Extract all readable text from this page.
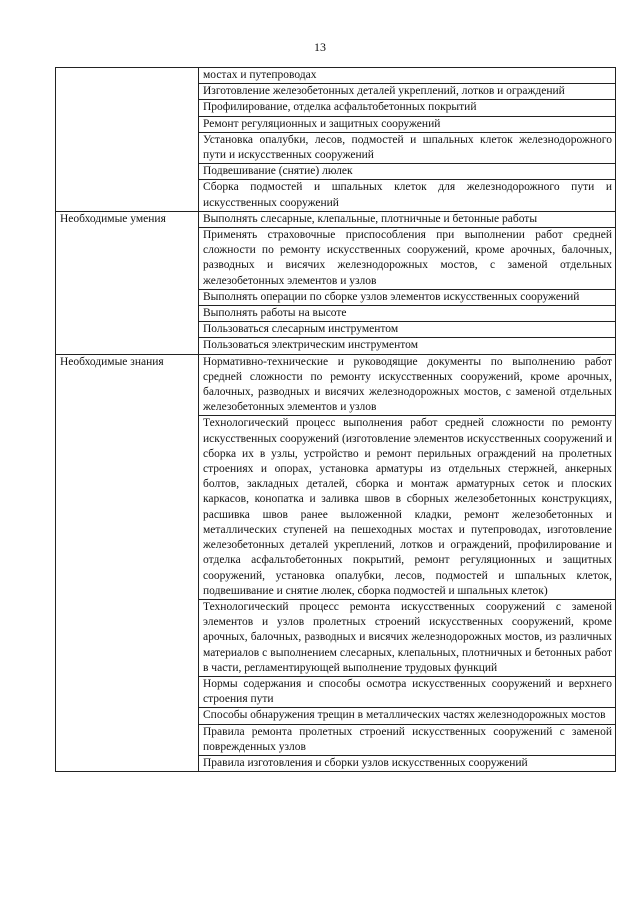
13
	мостах и путепроводах
	Изготовление железобетонных деталей укреплений, лотков и ограждений
	Профилирование, отделка асфальтобетонных покрытий
	Ремонт регуляционных и защитных сооружений
	Установка опалубки, лесов, подмостей и шпальных клеток железнодорожного пути и искусственных сооружений
	Подвешивание (снятие) люлек
	Сборка подмостей и шпальных клеток для железнодорожного пути и искусственных сооружений
Необходимые умения	Выполнять слесарные, клепальные, плотничные и бетонные работы
	Применять страховочные приспособления при выполнении работ средней сложности по ремонту искусственных сооружений, кроме арочных, балочных, разводных и висячих железнодорожных мостов, с заменой отдельных железобетонных элементов и узлов
	Выполнять операции по сборке узлов элементов искусственных сооружений
	Выполнять работы на высоте
	Пользоваться слесарным инструментом
	Пользоваться электрическим инструментом
Необходимые знания	Нормативно-технические и руководящие документы по выполнению работ средней сложности по ремонту искусственных сооружений, кроме арочных, балочных, разводных и висячих железнодорожных мостов, с заменой отдельных железобетонных элементов и узлов
	Технологический процесс выполнения работ средней сложности по ремонту искусственных сооружений (изготовление элементов искусственных сооружений и сборка их в узлы, устройство и ремонт перильных ограждений на пролетных строениях и опорах, установка арматуры из отдельных стержней, анкерных болтов, закладных деталей, сборка и монтаж арматурных сеток и плоских каркасов, конопатка и заливка швов в сборных железобетонных конструкциях, расшивка швов ранее выложенной кладки, ремонт железобетонных и металлических ступеней на пешеходных мостах и путепроводах, изготовление железобетонных деталей укреплений, лотков и ограждений, профилирование и отделка асфальтобетонных покрытий, ремонт регуляционных и защитных сооружений, установка опалубки, лесов, подмостей и шпальных клеток, подвешивание и снятие люлек, сборка подмостей и шпальных клеток)
	Технологический процесс ремонта искусственных сооружений с заменой элементов и узлов пролетных строений искусственных сооружений, кроме арочных, балочных, разводных и висячих железнодорожных мостов, из различных материалов с выполнением слесарных, клепальных, плотничных и бетонных работ в части, регламентирующей выполнение трудовых функций
	Нормы содержания и способы осмотра искусственных сооружений и верхнего строения пути
	Способы обнаружения трещин в металлических частях железнодорожных мостов
	Правила ремонта пролетных строений искусственных сооружений с заменой поврежденных узлов
	Правила изготовления и сборки узлов искусственных сооружений
